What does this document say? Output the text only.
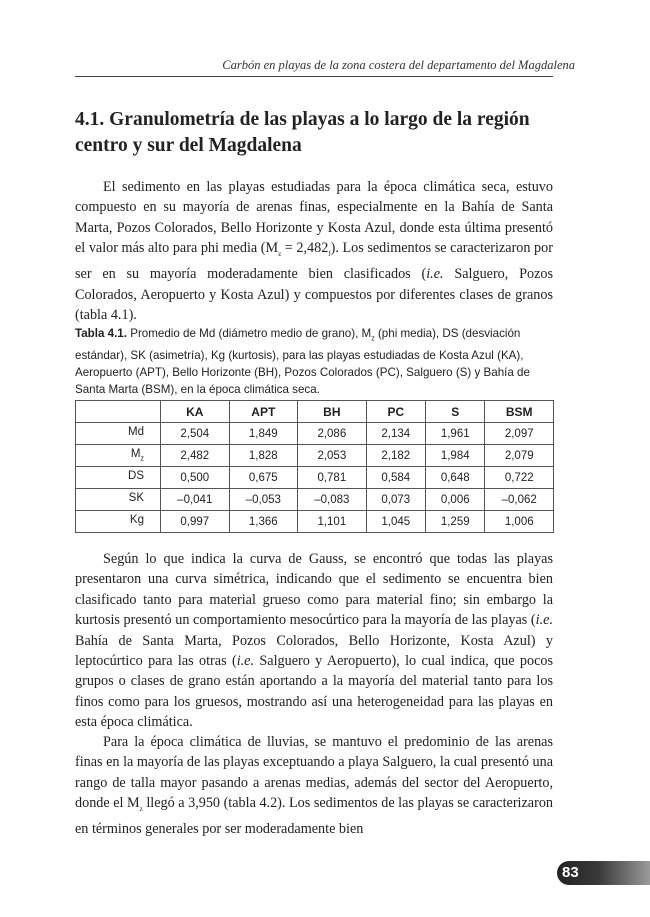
Carbón en playas de la zona costera del departamento del Magdalena
4.1. Granulometría de las playas a lo largo de la región centro y sur del Magdalena

El sedimento en las playas estudiadas para la época climática seca, estuvo compuesto en su mayoría de arenas finas, especialmente en la Bahía de Santa Marta, Pozos Colorados, Bello Horizonte y Kosta Azul, donde esta última presentó el valor más alto para phi media $(M_z = 2,482_f)$. Los sedimentos se caracterizaron por ser en su mayoría moderadamente bien clasificados (i.e. Salguero, Pozos Colorados, Aeropuerto y Kosta Azul) y compuestos por diferentes clases de granos (tabla 4.1).

Tabla 4.1. Promedio de Md (diámetro medio de grano), $M_z$ (phi media), DS (desviación estándar), SK (asimetría), Kg (kurtosis), para las playas estudiadas de Kosta Azul (KA), Aeropuerto (APT), Bello Horizonte (BH), Pozos Colorados (PC), Salguero (S) y Bahía de Santa Marta (BSM), en la época climática seca.

	KA	APT	BH	PC	S	BSM
Md	2,504	1,849	2,086	2,134	1,961	2,097
$M_z$	2,482	1,828	2,053	2,182	1,984	2,079
DS	0,500	0,675	0,781	0,584	0,648	0,722
SK	–0,041	–0,053	–0,083	0,073	0,006	–0,062
Kg	0,997	1,366	1,101	1,045	1,259	1,006

Según lo que indica la curva de Gauss, se encontró que todas las playas presentaron una curva simétrica, indicando que el sedimento se encuentra bien clasificado tanto para material grueso como para material fino; sin embargo la kurtosis presentó un comportamiento mesocúrtico para la mayoría de las playas (i.e. Bahía de Santa Marta, Pozos Colorados, Bello Horizonte, Kosta Azul) y leptocúrtico para las otras (i.e. Salguero y Aeropuerto), lo cual indica, que pocos grupos o clases de grano están aportando a la mayoría del material tanto para los finos como para los gruesos, mostrando así una heterogeneidad para las playas en esta época climática.

Para la época climática de lluvias, se mantuvo el predominio de las arenas finas en la mayoría de las playas exceptuando a playa Salguero, la cual presentó una rango de talla mayor pasando a arenas medias, además del sector del Aeropuerto, donde el $M_z$ llegó a 3,950 (tabla 4.2). Los sedimentos de las playas se caracterizaron en términos generales por ser moderadamente bien

83
